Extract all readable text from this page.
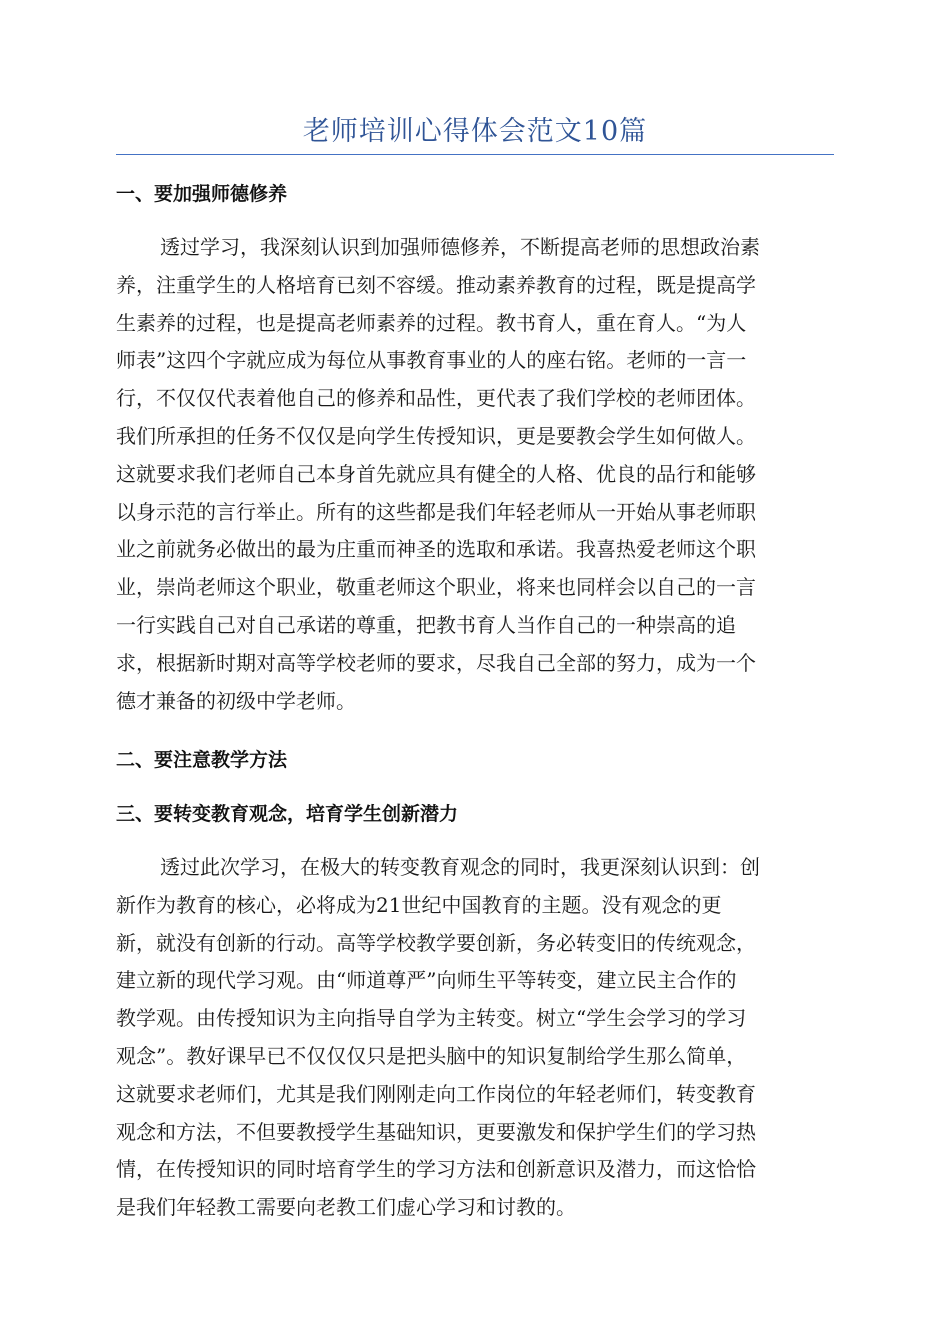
老师培训心得体会范文10篇
一、要加强师德修养
透过学习，我深刻认识到加强师德修养，不断提高老师的思想政治素
养，注重学生的人格培育已刻不容缓。推动素养教育的过程，既是提高学
生素养的过程，也是提高老师素养的过程。教书育人，重在育人。“为人
师表”这四个字就应成为每位从事教育事业的人的座右铭。老师的一言一
行，不仅仅代表着他自己的修养和品性，更代表了我们学校的老师团体。
我们所承担的任务不仅仅是向学生传授知识，更是要教会学生如何做人。
这就要求我们老师自己本身首先就应具有健全的人格、优良的品行和能够
以身示范的言行举止。所有的这些都是我们年轻老师从一开始从事老师职
业之前就务必做出的最为庄重而神圣的选取和承诺。我喜热爱老师这个职
业，崇尚老师这个职业，敬重老师这个职业，将来也同样会以自己的一言
一行实践自己对自己承诺的尊重，把教书育人当作自己的一种崇高的追
求，根据新时期对高等学校老师的要求，尽我自己全部的努力，成为一个
德才兼备的初级中学老师。
二、要注意教学方法
三、要转变教育观念，培育学生创新潜力
透过此次学习，在极大的转变教育观念的同时，我更深刻认识到：创
新作为教育的核心，必将成为21世纪中国教育的主题。没有观念的更
新，就没有创新的行动。高等学校教学要创新，务必转变旧的传统观念，
建立新的现代学习观。由“师道尊严”向师生平等转变，建立民主合作的
教学观。由传授知识为主向指导自学为主转变。树立“学生会学习的学习
观念”。教好课早已不仅仅仅只是把头脑中的知识复制给学生那么简单，
这就要求老师们，尤其是我们刚刚走向工作岗位的年轻老师们，转变教育
观念和方法，不但要教授学生基础知识，更要激发和保护学生们的学习热
情，在传授知识的同时培育学生的学习方法和创新意识及潜力，而这恰恰
是我们年轻教工需要向老教工们虚心学习和讨教的。
